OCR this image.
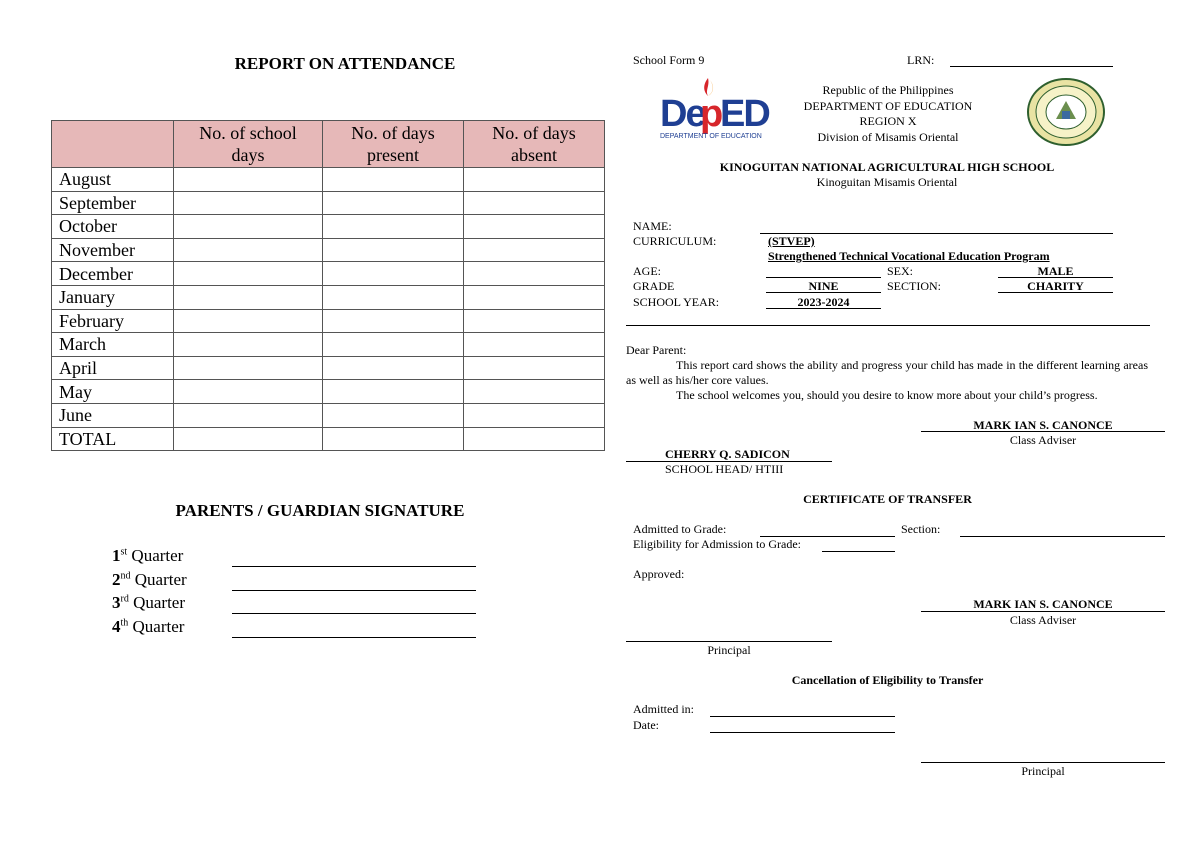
REPORT ON ATTENDANCE
	No. of school days	No. of days present	No. of days absent
August			
September			
October			
November			
December			
January			
February			
March			
April			
May			
June			
TOTAL			
PARENTS / GUARDIAN SIGNATURE
1st Quarter
2nd Quarter
3rd Quarter
4th Quarter
School Form 9	LRN:
De
p
ED
DEPARTMENT OF EDUCATION
Republic of the Philippines
DEPARTMENT OF EDUCATION
REGION X
Division of Misamis Oriental
KINOGUITAN NATIONAL AGRICULTURAL HIGH SCHOOL
Kinoguitan Misamis Oriental
NAME:
CURRICULUM:	(STVEP)
Strengthened Technical Vocational Education Program
AGE:	SEX:	MALE
GRADE	NINE	SECTION:	CHARITY
SCHOOL YEAR:	2023-2024
Dear Parent:
This report card shows the ability and progress your child has made in the different learning areas as well as his/her core values.
The school welcomes you, should you desire to know more about your child’s progress.
MARK IAN S. CANONCE
Class Adviser
CHERRY Q. SADICON
SCHOOL HEAD/ HTIII
CERTIFICATE OF TRANSFER
Admitted to Grade:	Section:
Eligibility for Admission to Grade:
Approved:
MARK IAN S. CANONCE
Class Adviser
Principal
Cancellation of Eligibility to Transfer
Admitted in:
Date:
Principal
